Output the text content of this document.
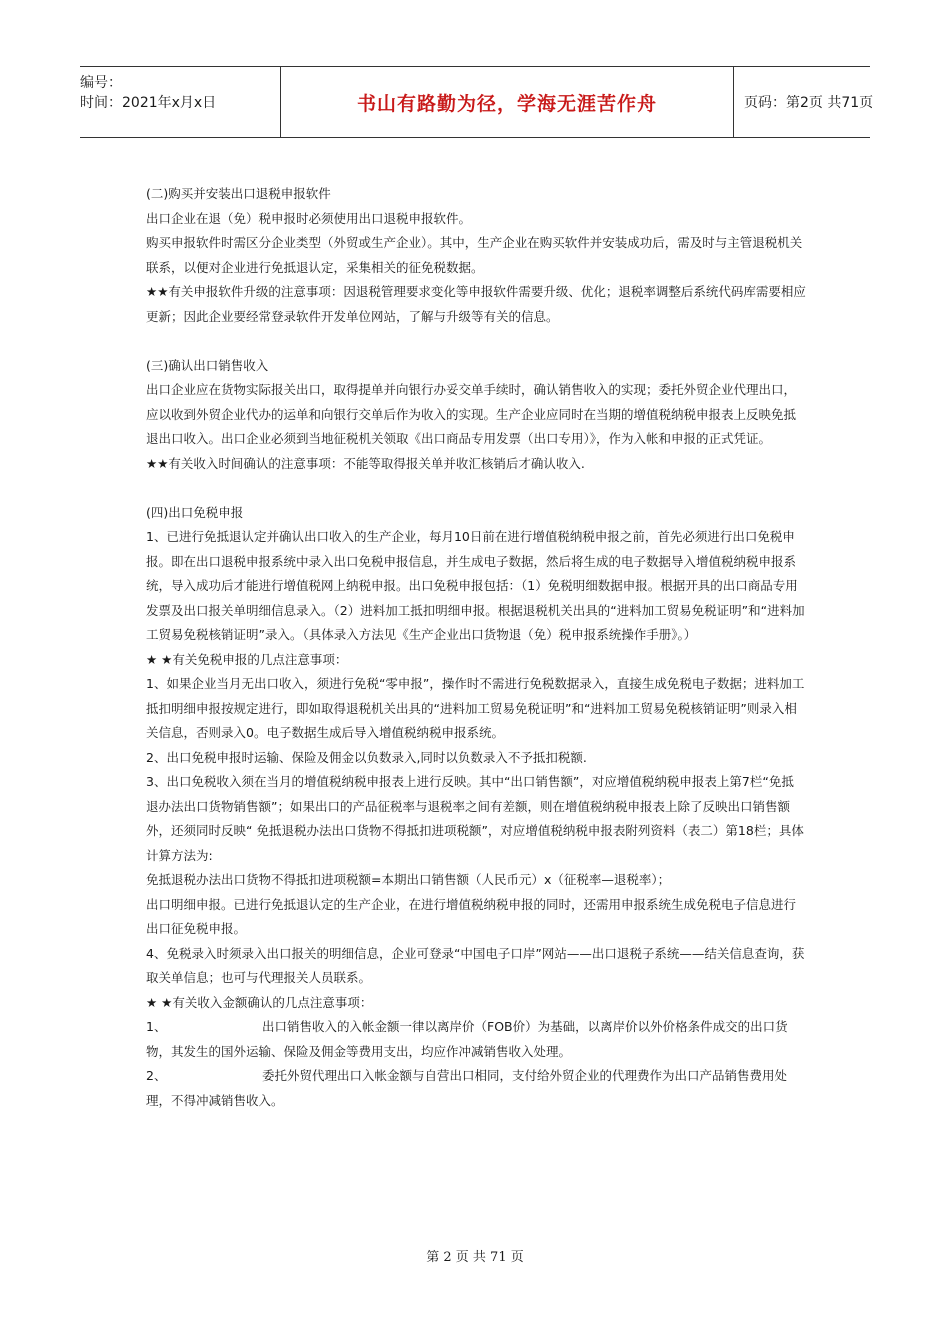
编号：
时间：2021年x月x日	书山有路勤为径，学海无涯苦作舟	页码：第2页 共71页

(二)购买并安装出口退税申报软件

出口企业在退（免）税申报时必须使用出口退税申报软件。

购买申报软件时需区分企业类型（外贸或生产企业）。其中，生产企业在购买软件并安装成功后，需及时与主管退税机关联系，以便对企业进行免抵退认定，采集相关的征免税数据。

★★有关申报软件升级的注意事项：因退税管理要求变化等申报软件需要升级、优化；退税率调整后系统代码库需要相应更新；因此企业要经常登录软件开发单位网站，了解与升级等有关的信息。

(三)确认出口销售收入

出口企业应在货物实际报关出口，取得提单并向银行办妥交单手续时，确认销售收入的实现；委托外贸企业代理出口，应以收到外贸企业代办的运单和向银行交单后作为收入的实现。生产企业应同时在当期的增值税纳税申报表上反映免抵退出口收入。出口企业必须到当地征税机关领取《出口商品专用发票（出口专用）》，作为入帐和申报的正式凭证。

★★有关收入时间确认的注意事项：不能等取得报关单并收汇核销后才确认收入.

(四)出口免税申报

1、已进行免抵退认定并确认出口收入的生产企业，每月10日前在进行增值税纳税申报之前，首先必须进行出口免税申报。即在出口退税申报系统中录入出口免税申报信息，并生成电子数据，然后将生成的电子数据导入增值税纳税申报系统，导入成功后才能进行增值税网上纳税申报。出口免税申报包括：（1）免税明细数据申报。根据开具的出口商品专用发票及出口报关单明细信息录入。（2）进料加工抵扣明细申报。根据退税机关出具的“进料加工贸易免税证明”和“进料加工贸易免税核销证明”录入。（具体录入方法见《生产企业出口货物退（免）税申报系统操作手册》。）

★ ★有关免税申报的几点注意事项：

1、如果企业当月无出口收入，须进行免税“零申报”，操作时不需进行免税数据录入，直接生成免税电子数据；进料加工抵扣明细申报按规定进行，即如取得退税机关出具的“进料加工贸易免税证明”和“进料加工贸易免税核销证明”则录入相关信息，否则录入0。电子数据生成后导入增值税纳税申报系统。

2、出口免税申报时运输、保险及佣金以负数录入,同时以负数录入不予抵扣税额.

3、出口免税收入须在当月的增值税纳税申报表上进行反映。其中“出口销售额”，对应增值税纳税申报表上第7栏“免抵退办法出口货物销售额”；如果出口的产品征税率与退税率之间有差额，则在增值税纳税申报表上除了反映出口销售额外，还须同时反映“ 免抵退税办法出口货物不得抵扣进项税额”，对应增值税纳税申报表附列资料（表二）第18栏；具体计算方法为:

免抵退税办法出口货物不得抵扣进项税额=本期出口销售额（人民币元）x（征税率—退税率）；

出口明细申报。已进行免抵退认定的生产企业，在进行增值税纳税申报的同时，还需用申报系统生成免税电子信息进行出口征免税申报。

4、免税录入时须录入出口报关的明细信息，企业可登录“中国电子口岸”网站——出口退税子系统——结关信息查询，获取关单信息；也可与代理报关人员联系。

★ ★有关收入金额确认的几点注意事项：

1、	出口销售收入的入帐金额一律以离岸价（FOB价）为基础，以离岸价以外价格条件成交的出口货物，其发生的国外运输、保险及佣金等费用支出，均应作冲减销售收入处理。

2、	委托外贸代理出口入帐金额与自营出口相同，支付给外贸企业的代理费作为出口产品销售费用处理，不得冲减销售收入。

第 2 页 共 71 页
